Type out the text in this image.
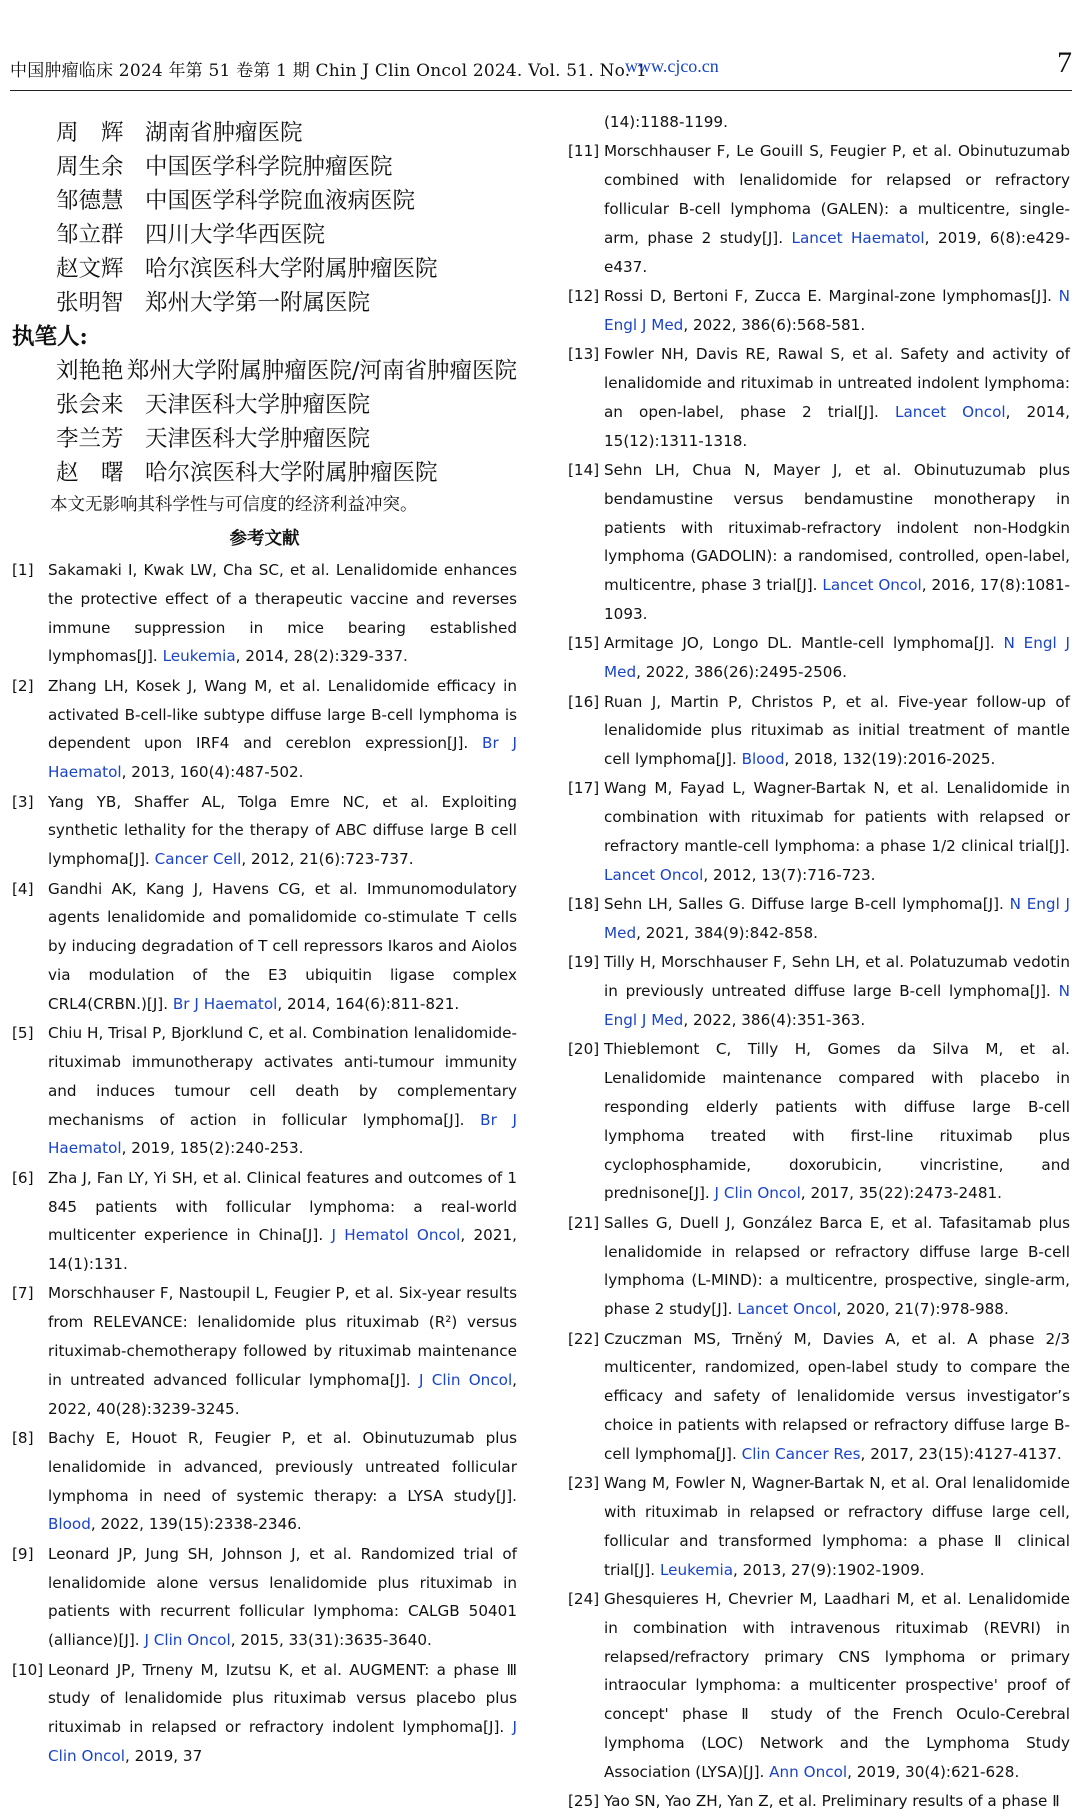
中国肿瘤临床 2024 年第 51 卷第 1 期 Chin J Clin Oncol 2024. Vol. 51. No. 1
www.cjco.cn	7
周　辉 湖南省肿瘤医院
周生余 中国医学科学院肿瘤医院
邹德慧 中国医学科学院血液病医院
邹立群 四川大学华西医院
赵文辉 哈尔滨医科大学附属肿瘤医院
张明智 郑州大学第一附属医院
执笔人:
刘艳艳 郑州大学附属肿瘤医院/河南省肿瘤医院
张会来 天津医科大学肿瘤医院
李兰芳 天津医科大学肿瘤医院
赵　曙 哈尔滨医科大学附属肿瘤医院
本文无影响其科学性与可信度的经济利益冲突。
参考文献
[1] Sakamaki I, Kwak LW, Cha SC, et al. Lenalidomide enhances the protective effect of a therapeutic vaccine and reverses immune suppression in mice bearing established lymphomas[J]. Leukemia, 2014, 28(2):329-337.
[2] Zhang LH, Kosek J, Wang M, et al. Lenalidomide efficacy in activated B-cell-like subtype diffuse large B-cell lymphoma is dependent upon IRF4 and cereblon expression[J]. Br J Haematol, 2013, 160(4):487-502.
[3] Yang YB, Shaffer AL, Tolga Emre NC, et al. Exploiting synthetic lethality for the therapy of ABC diffuse large B cell lymphoma[J]. Cancer Cell, 2012, 21(6):723-737.
[4] Gandhi AK, Kang J, Havens CG, et al. Immunomodulatory agents lenalidomide and pomalidomide co-stimulate T cells by inducing degradation of T cell repressors Ikaros and Aiolos via modulation of the E3 ubiquitin ligase complex CRL4(CRBN.)[J]. Br J Haematol, 2014, 164(6):811-821.
[5] Chiu H, Trisal P, Bjorklund C, et al. Combination lenalidomide-rituximab immunotherapy activates anti-tumour immunity and induces tumour cell death by complementary mechanisms of action in follicular lymphoma[J]. Br J Haematol, 2019, 185(2):240-253.
[6] Zha J, Fan LY, Yi SH, et al. Clinical features and outcomes of 1 845 patients with follicular lymphoma: a real-world multicenter experience in China[J]. J Hematol Oncol, 2021, 14(1):131.
[7] Morschhauser F, Nastoupil L, Feugier P, et al. Six-year results from RELEVANCE: lenalidomide plus rituximab (R²) versus rituximab-chemotherapy followed by rituximab maintenance in untreated advanced follicular lymphoma[J]. J Clin Oncol, 2022, 40(28):3239-3245.
[8] Bachy E, Houot R, Feugier P, et al. Obinutuzumab plus lenalidomide in advanced, previously untreated follicular lymphoma in need of systemic therapy: a LYSA study[J]. Blood, 2022, 139(15):2338-2346.
[9] Leonard JP, Jung SH, Johnson J, et al. Randomized trial of lenalidomide alone versus lenalidomide plus rituximab in patients with recurrent follicular lymphoma: CALGB 50401 (alliance)[J]. J Clin Oncol, 2015, 33(31):3635-3640.
[10] Leonard JP, Trneny M, Izutsu K, et al. AUGMENT: a phase Ⅲ study of lenalidomide plus rituximab versus placebo plus rituximab in relapsed or refractory indolent lymphoma[J]. J Clin Oncol, 2019, 37
(14):1188-1199.
[11] Morschhauser F, Le Gouill S, Feugier P, et al. Obinutuzumab combined with lenalidomide for relapsed or refractory follicular B-cell lymphoma (GALEN): a multicentre, single-arm, phase 2 study[J]. Lancet Haematol, 2019, 6(8):e429-e437.
[12] Rossi D, Bertoni F, Zucca E. Marginal-zone lymphomas[J]. N Engl J Med, 2022, 386(6):568-581.
[13] Fowler NH, Davis RE, Rawal S, et al. Safety and activity of lenalidomide and rituximab in untreated indolent lymphoma: an open-label, phase 2 trial[J]. Lancet Oncol, 2014, 15(12):1311-1318.
[14] Sehn LH, Chua N, Mayer J, et al. Obinutuzumab plus bendamustine versus bendamustine monotherapy in patients with rituximab-refractory indolent non-Hodgkin lymphoma (GADOLIN): a randomised, controlled, open-label, multicentre, phase 3 trial[J]. Lancet Oncol, 2016, 17(8):1081-1093.
[15] Armitage JO, Longo DL. Mantle-cell lymphoma[J]. N Engl J Med, 2022, 386(26):2495-2506.
[16] Ruan J, Martin P, Christos P, et al. Five-year follow-up of lenalidomide plus rituximab as initial treatment of mantle cell lymphoma[J]. Blood, 2018, 132(19):2016-2025.
[17] Wang M, Fayad L, Wagner-Bartak N, et al. Lenalidomide in combination with rituximab for patients with relapsed or refractory mantle-cell lymphoma: a phase 1/2 clinical trial[J]. Lancet Oncol, 2012, 13(7):716-723.
[18] Sehn LH, Salles G. Diffuse large B-cell lymphoma[J]. N Engl J Med, 2021, 384(9):842-858.
[19] Tilly H, Morschhauser F, Sehn LH, et al. Polatuzumab vedotin in previously untreated diffuse large B-cell lymphoma[J]. N Engl J Med, 2022, 386(4):351-363.
[20] Thieblemont C, Tilly H, Gomes da Silva M, et al. Lenalidomide maintenance compared with placebo in responding elderly patients with diffuse large B-cell lymphoma treated with first-line rituximab plus cyclophosphamide, doxorubicin, vincristine, and prednisone[J]. J Clin Oncol, 2017, 35(22):2473-2481.
[21] Salles G, Duell J, González Barca E, et al. Tafasitamab plus lenalidomide in relapsed or refractory diffuse large B-cell lymphoma (L-MIND): a multicentre, prospective, single-arm, phase 2 study[J]. Lancet Oncol, 2020, 21(7):978-988.
[22] Czuczman MS, Trněný M, Davies A, et al. A phase 2/3 multicenter, randomized, open-label study to compare the efficacy and safety of lenalidomide versus investigator’s choice in patients with relapsed or refractory diffuse large B-cell lymphoma[J]. Clin Cancer Res, 2017, 23(15):4127-4137.
[23] Wang M, Fowler N, Wagner-Bartak N, et al. Oral lenalidomide with rituximab in relapsed or refractory diffuse large cell, follicular and transformed lymphoma: a phase Ⅱ clinical trial[J]. Leukemia, 2013, 27(9):1902-1909.
[24] Ghesquieres H, Chevrier M, Laadhari M, et al. Lenalidomide in combination with intravenous rituximab (REVRI) in relapsed/refractory primary CNS lymphoma or primary intraocular lymphoma: a multicenter prospective' proof of concept' phase Ⅱ study of the French Oculo-Cerebral lymphoma (LOC) Network and the Lymphoma Study Association (LYSA)[J]. Ann Oncol, 2019, 30(4):621-628.
[25] Yao SN, Yao ZH, Yan Z, et al. Preliminary results of a phase Ⅱ
